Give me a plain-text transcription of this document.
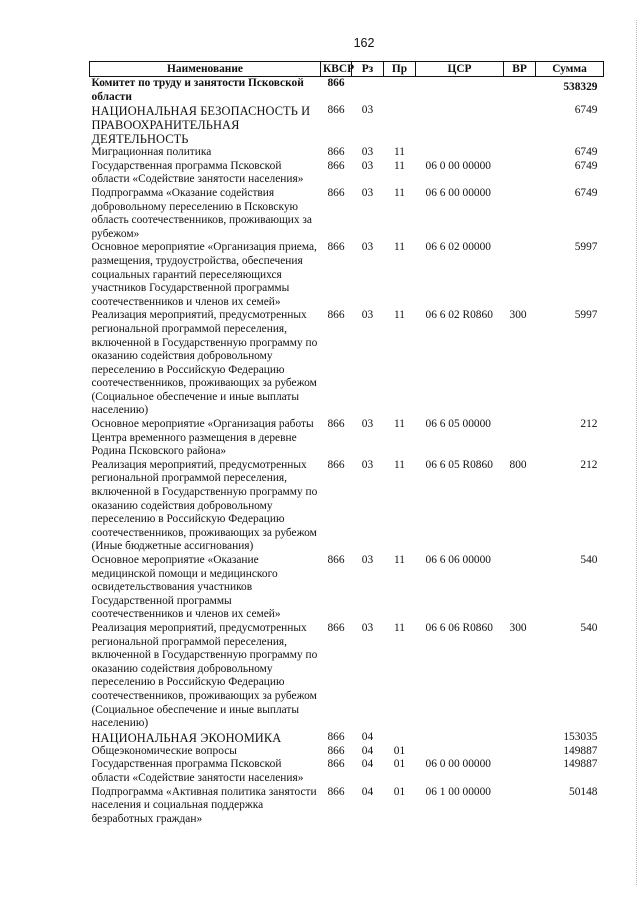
162
Наименование	КВСР	Рз	Пр	ЦСР	ВР	Сумма
Комитет по труду и занятости Псковской области	866					538329
НАЦИОНАЛЬНАЯ БЕЗОПАСНОСТЬ И ПРАВООХРАНИТЕЛЬНАЯ ДЕЯТЕЛЬНОСТЬ	866	03				6749
Миграционная политика	866	03	11			6749
Государственная программа Псковской области «Содействие занятости населения»	866	03	11	06 0 00 00000		6749
Подпрограмма «Оказание содействия добровольному переселению в Псковскую область соотечественников, проживающих за рубежом»	866	03	11	06 6 00 00000		6749
Основное мероприятие «Организация приема, размещения, трудоустройства, обеспечения социальных гарантий переселяющихся участников Государственной программы соотечественников и членов их семей»	866	03	11	06 6 02 00000		5997
Реализация мероприятий, предусмотренных региональной программой переселения, включенной в Государственную программу по оказанию содействия добровольному переселению в Российскую Федерацию соотечественников, проживающих за рубежом (Социальное обеспечение и иные выплаты населению)	866	03	11	06 6 02 R0860	300	5997
Основное мероприятие «Организация работы Центра временного размещения в деревне Родина Псковского района»	866	03	11	06 6 05 00000		212
Реализация мероприятий, предусмотренных региональной программой переселения, включенной в Государственную программу по оказанию содействия добровольному переселению в Российскую Федерацию соотечественников, проживающих за рубежом (Иные бюджетные ассигнования)	866	03	11	06 6 05 R0860	800	212
Основное мероприятие «Оказание медицинской помощи и медицинского освидетельствования участников Государственной программы соотечественников и членов их семей»	866	03	11	06 6 06 00000		540
Реализация мероприятий, предусмотренных региональной программой переселения, включенной в Государственную программу по оказанию содействия добровольному переселению в Российскую Федерацию соотечественников, проживающих за рубежом (Социальное обеспечение и иные выплаты населению)	866	03	11	06 6 06 R0860	300	540
НАЦИОНАЛЬНАЯ ЭКОНОМИКА	866	04				153035
Общеэкономические вопросы	866	04	01			149887
Государственная программа Псковской области «Содействие занятости населения»	866	04	01	06 0 00 00000		149887
Подпрограмма «Активная политика занятости населения и социальная поддержка безработных граждан»	866	04	01	06 1 00 00000		50148
